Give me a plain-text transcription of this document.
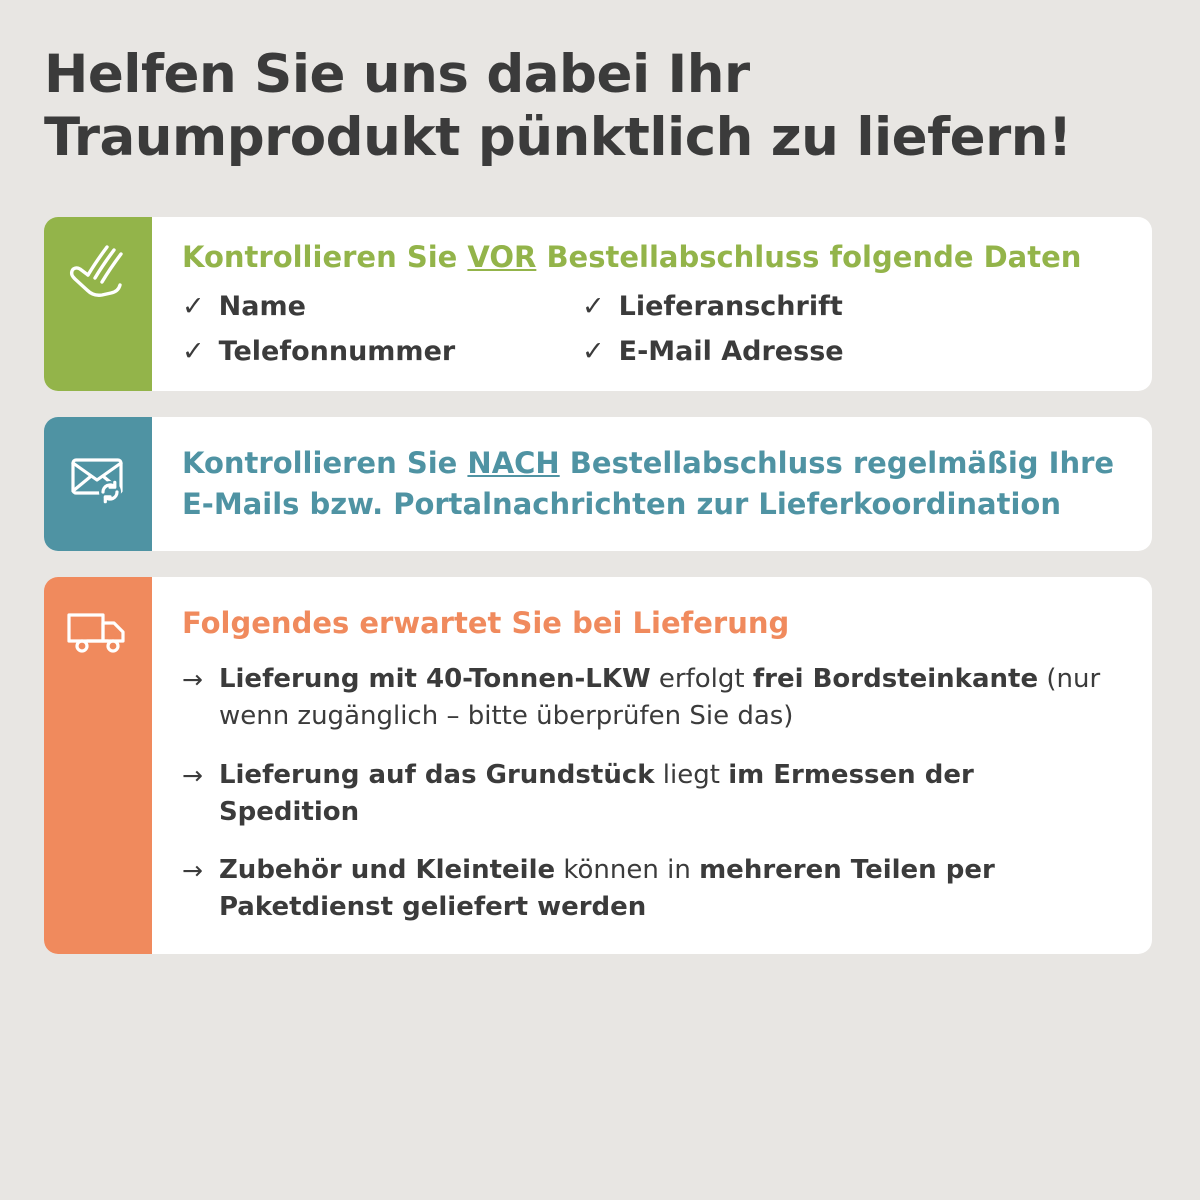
Helfen Sie uns dabei Ihr Traumprodukt pünktlich zu liefern!
Kontrollieren Sie VOR Bestellabschluss folgende Daten
✓ Name	✓ Lieferanschrift
✓ Telefonnummer	✓ E-Mail Adresse
Kontrollieren Sie NACH Bestellabschluss regelmäßig Ihre E-Mails bzw. Portalnachrichten zur Lieferkoordination
Folgendes erwartet Sie bei Lieferung
→ Lieferung mit 40-Tonnen-LKW erfolgt frei Bordsteinkante (nur wenn zugänglich – bitte überprüfen Sie das)
→ Lieferung auf das Grundstück liegt im Ermessen der Spedition
→ Zubehör und Kleinteile können in mehreren Teilen per Paketdienst geliefert werden
